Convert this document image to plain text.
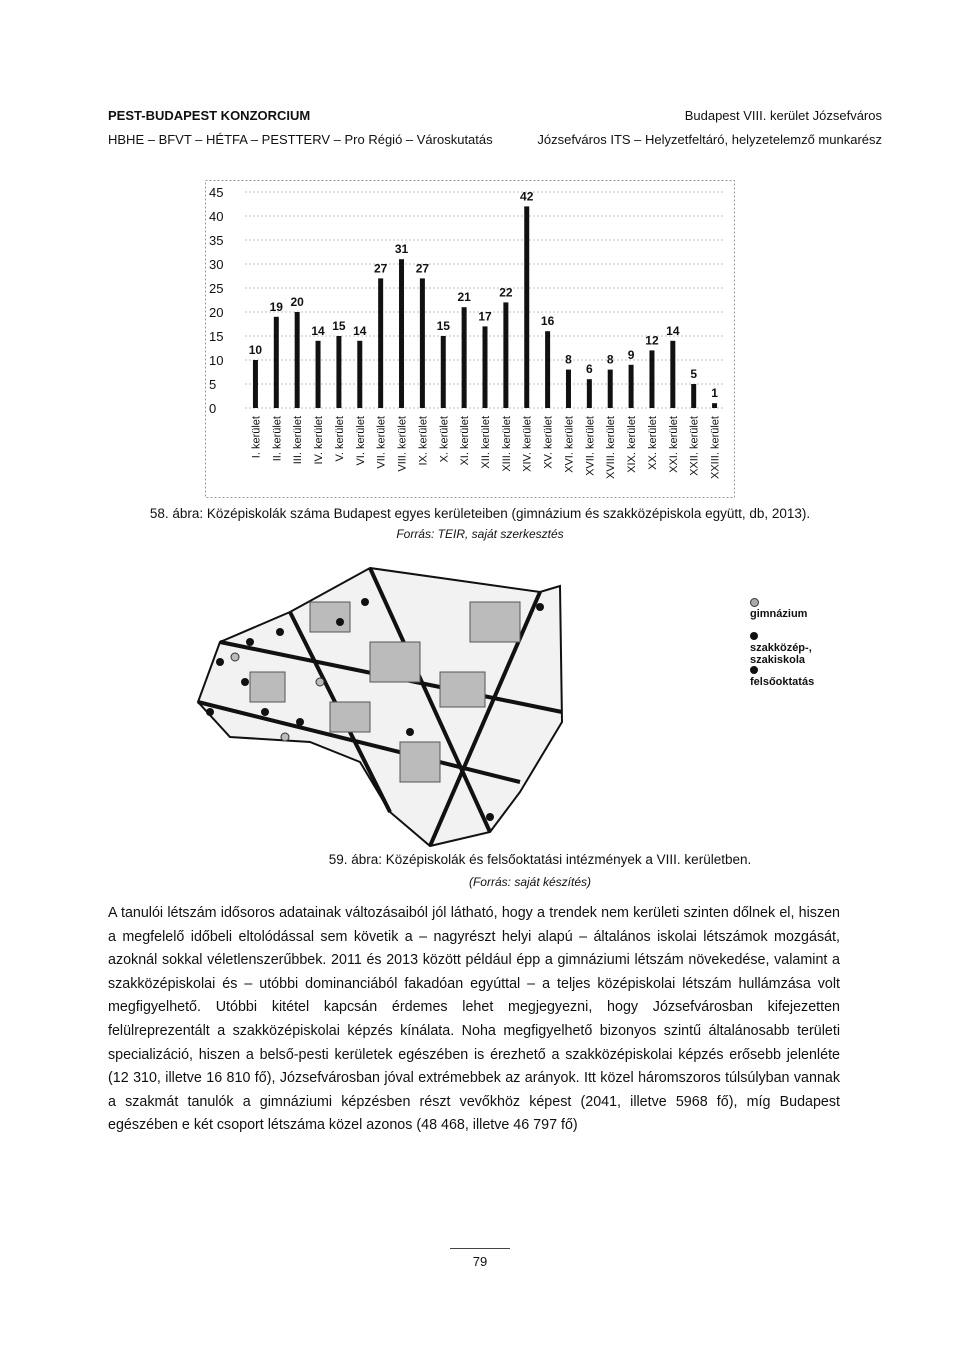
PEST-BUDAPEST KONZORCIUM
HBHE – BFVT – HÉTFA – PESTTERV – Pro Régió – Városkutatás
Budapest VIII. kerület Józsefváros
Józsefváros ITS – Helyzetfeltáró, helyzetelemző munkarész
0
5
10
15
20
25
30
35
40
45
10
I. kerület
19
II. kerület
20
III. kerület
14
IV. kerület
15
V. kerület
14
VI. kerület
27
VII. kerület
31
VIII. kerület
27
IX. kerület
15
X. kerület
21
XI. kerület
17
XII. kerület
22
XIII. kerület
42
XIV. kerület
16
XV. kerület
8
XVI. kerület
6
XVII. kerület
8
XVIII. kerület
9
XIX. kerület
12
XX. kerület
14
XXI. kerület
5
XXII. kerület
1
XXIII. kerület
58. ábra: Középiskolák száma Budapest egyes kerületeiben (gimnázium és szakközépiskola együtt, db, 2013).
Forrás: TEIR, saját szerkesztés
gimnázium
szakközép-, szakiskola
felsőoktatás
59. ábra: Középiskolák és felsőoktatási intézmények a VIII. kerületben.
(Forrás: saját készítés)
A tanulói létszám idősoros adatainak változásaiból jól látható, hogy a trendek nem kerületi szinten dőlnek el, hiszen a megfelelő időbeli eltolódással sem követik a – nagyrészt helyi alapú – általános iskolai létszámok mozgását, azoknál sokkal véletlenszerűbbek. 2011 és 2013 között például épp a gimnáziumi létszám növekedése, valamint a szakközépiskolai és – utóbbi dominanciából fakadóan egyúttal – a teljes középiskolai létszám hullámzása volt megfigyelhető. Utóbbi kitétel kapcsán érdemes lehet megjegyezni, hogy Józsefvárosban kifejezetten felülreprezentált a szakközépiskolai képzés kínálata. Noha megfigyelhető bizonyos szintű általánosabb területi specializáció, hiszen a belső-pesti kerületek egészében is érezhető a szakközépiskolai képzés erősebb jelenléte (12 310, illetve 16 810 fő), Józsefvárosban jóval extrémebbek az arányok. Itt közel háromszoros túlsúlyban vannak a szakmát tanulók a gimnáziumi képzésben részt vevőkhöz képest (2041, illetve 5968 fő), míg Budapest egészében e két csoport létszáma közel azonos (48 468, illetve 46 797 fő)
79
